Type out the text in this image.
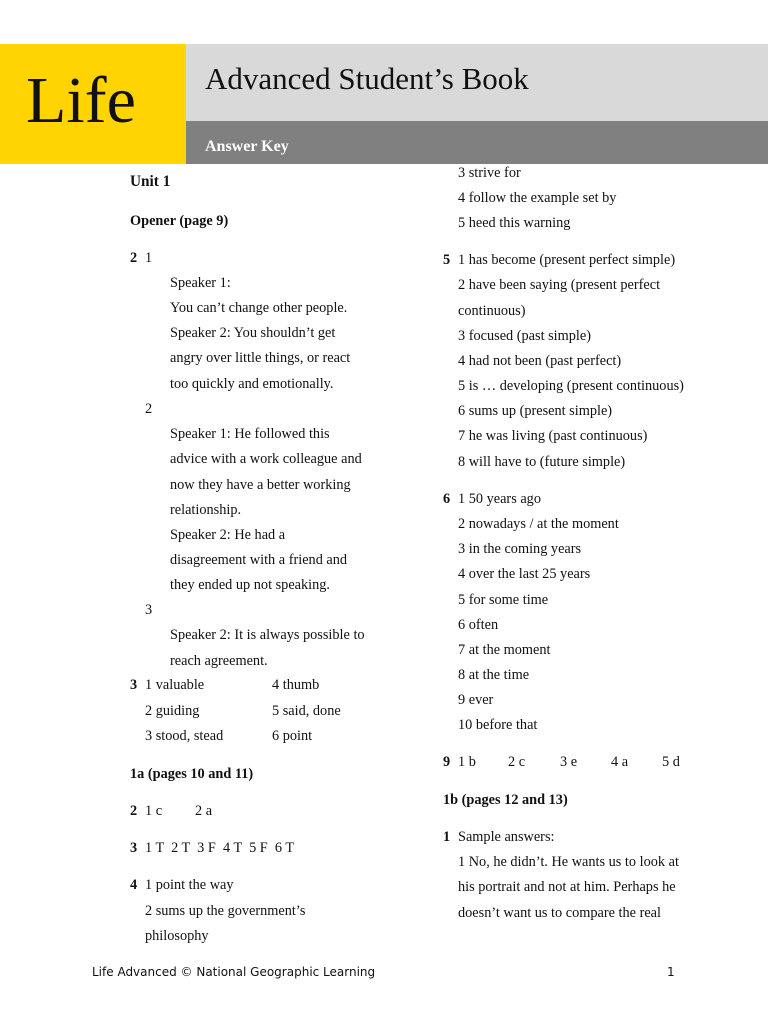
Life Advanced Student’s Book
Answer Key
Unit 1
Opener (page 9)
2 1
Speaker 1:
You can’t change other people.
Speaker 2: You shouldn’t get
angry over little things, or react
too quickly and emotionally.
2
Speaker 1: He followed this
advice with a work colleague and
now they have a better working
relationship.
Speaker 2: He had a
disagreement with a friend and
they ended up not speaking.
3
Speaker 2: It is always possible to
reach agreement.
3 1 valuable
2 guiding
3 stood, stead
4 thumb
5 said, done
6 point
1a (pages 10 and 11)
2 1 c 2 a
3 1 T  2 T  3 F  4 T  5 F  6 T
4 1 point the way
2 sums up the government’s
philosophy
3 strive for
4 follow the example set by
5 heed this warning
5 1 has become (present perfect simple)
2 have been saying (present perfect
continuous)
3 focused (past simple)
4 had not been (past perfect)
5 is … developing (present continuous)
6 sums up (present simple)
7 he was living (past continuous)
8 will have to (future simple)
6 1 50 years ago
2 nowadays / at the moment
3 in the coming years
4 over the last 25 years
5 for some time
6 often
7 at the moment
8 at the time
9 ever
10 before that
9 1 b 2 c 3 e 4 a 5 d
1b (pages 12 and 13)
1 Sample answers:
1 No, he didn’t. He wants us to look at
his portrait and not at him. Perhaps he
doesn’t want us to compare the real
Life Advanced © National Geographic Learning	1
